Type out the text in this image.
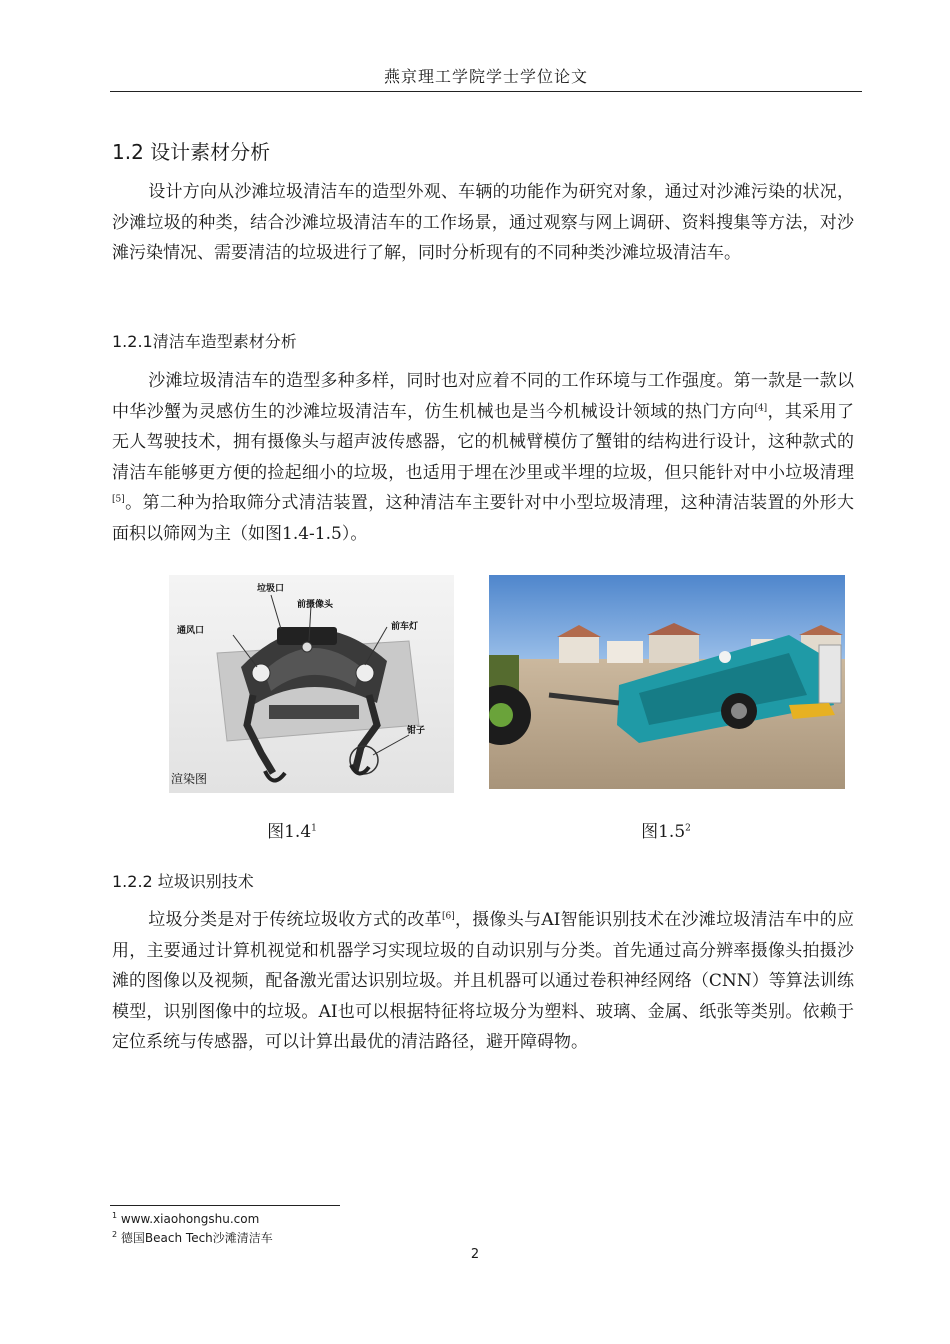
燕京理工学院学士学位论文
1.2 设计素材分析

设计方向从沙滩垃圾清洁车的造型外观、车辆的功能作为研究对象，通过对沙滩污染的状况，沙滩垃圾的种类，结合沙滩垃圾清洁车的工作场景，通过观察与网上调研、资料搜集等方法，对沙滩污染情况、需要清洁的垃圾进行了解，同时分析现有的不同种类沙滩垃圾清洁车。

1.2.1清洁车造型素材分析

沙滩垃圾清洁车的造型多种多样，同时也对应着不同的工作环境与工作强度。第一款是一款以中华沙蟹为灵感仿生的沙滩垃圾清洁车，仿生机械也是当今机械设计领域的热门方向[4]，其采用了无人驾驶技术，拥有摄像头与超声波传感器，它的机械臂模仿了蟹钳的结构进行设计，这种款式的清洁车能够更方便的捡起细小的垃圾，也适用于埋在沙里或半埋的垃圾，但只能针对中小垃圾清理[5]。第二种为拾取筛分式清洁装置，这种清洁车主要针对中小型垃圾清理，这种清洁装置的外形大面积以筛网为主（如图1.4-1.5）。

垃圾口
前摄像头
通风口	前车灯
钳子
渲染图
图$1.4^1$	图$1.5^2$
1.2.2 垃圾识别技术

垃圾分类是对于传统垃圾收方式的改革[6]，摄像头与AI智能识别技术在沙滩垃圾清洁车中的应用，主要通过计算机视觉和机器学习实现垃圾的自动识别与分类。首先通过高分辨率摄像头拍摄沙滩的图像以及视频，配备激光雷达识别垃圾。并且机器可以通过卷积神经网络（CNN）等算法训练模型，识别图像中的垃圾。AI也可以根据特征将垃圾分为塑料、玻璃、金属、纸张等类别。依赖于定位系统与传感器，可以计算出最优的清洁路径，避开障碍物。

$^1$ www.xiaohongshu.com
$^2$ 德国Beach Tech沙滩清洁车
2
